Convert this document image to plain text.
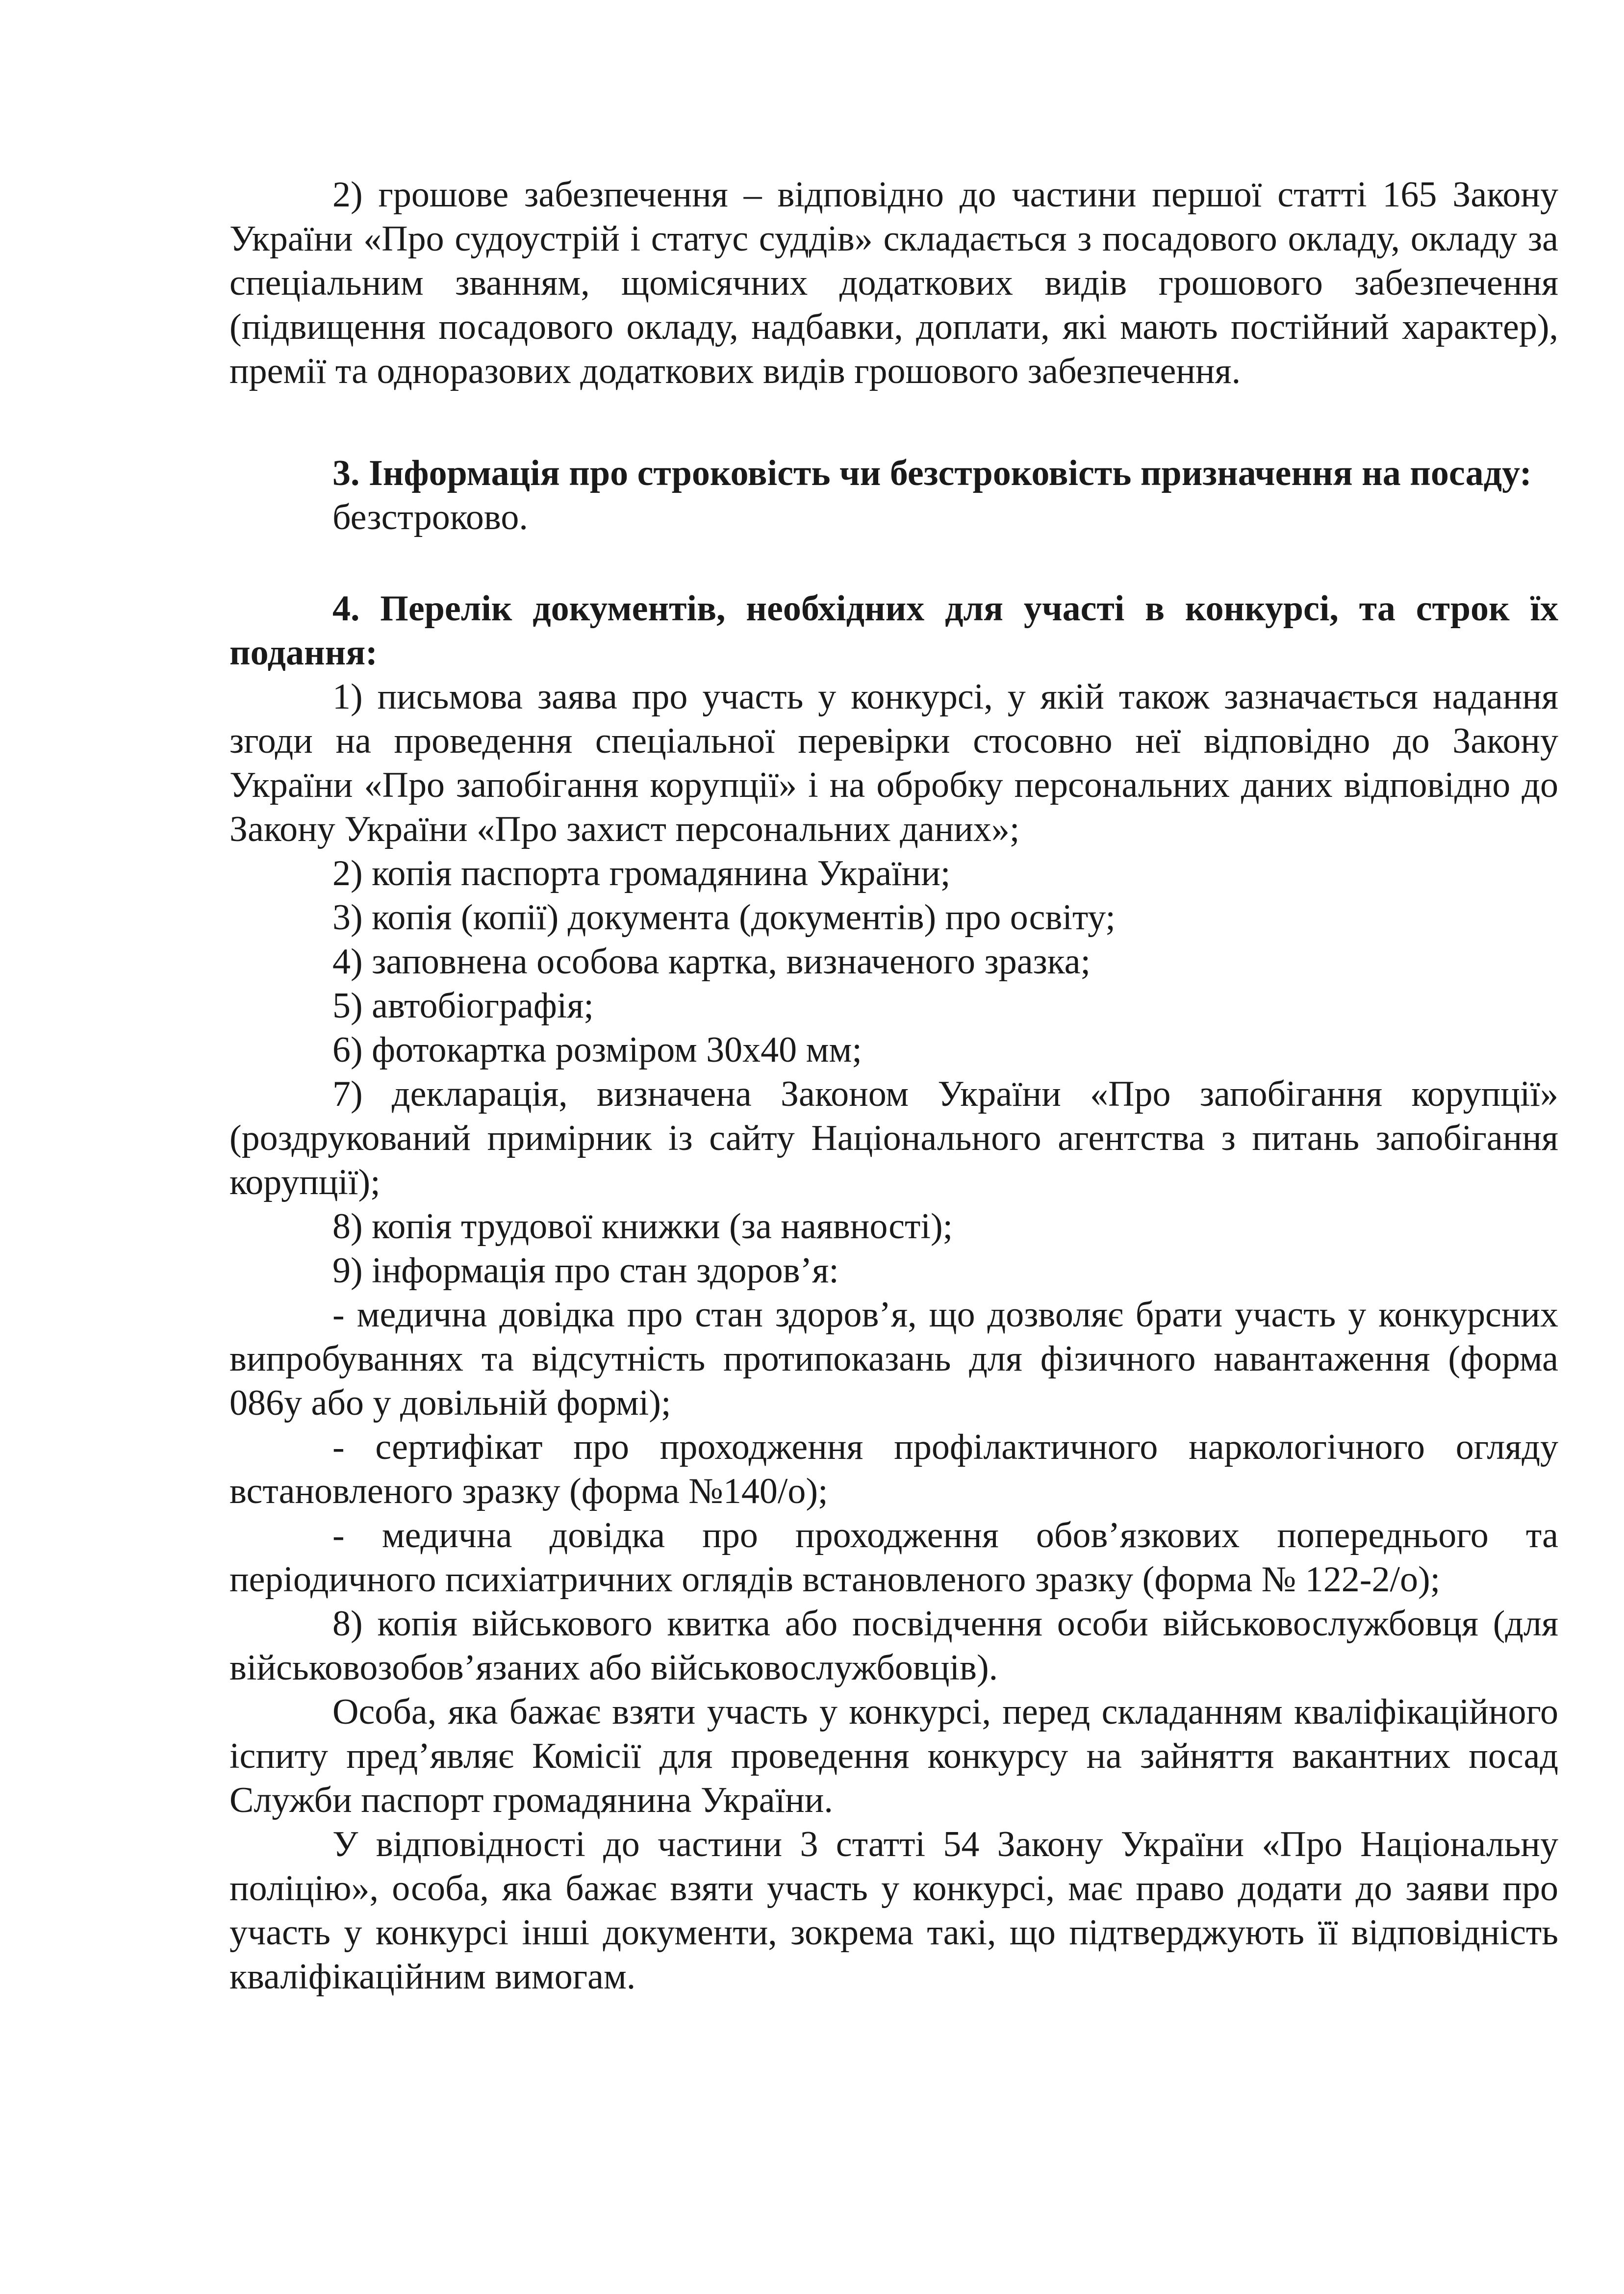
2) грошове забезпечення – відповідно до частини першої статті 165 Закону України «Про судоустрій і статус суддів» складається з посадового окладу, окладу за спеціальним званням, щомісячних додаткових видів грошового забезпечення (підвищення посадового окладу, надбавки, доплати, які мають постійний характер), премії та одноразових додаткових видів грошового забезпечення.

3. Інформація про строковість чи безстроковість призначення на посаду:

безстроково.

4. Перелік документів, необхідних для участі в конкурсі, та строк їх подання:

1) письмова заява про участь у конкурсі, у якій також зазначається надання згоди на проведення спеціальної перевірки стосовно неї відповідно до Закону України «Про запобігання корупції» і на обробку персональних даних відповідно до Закону України «Про захист персональних даних»;

2) копія паспорта громадянина України;

3) копія (копії) документа (документів) про освіту;

4) заповнена особова картка, визначеного зразка;

5) автобіографія;

6) фотокартка розміром 30х40 мм;

7) декларація, визначена Законом України «Про запобігання корупції» (роздрукований примірник із сайту Національного агентства з питань запобігання корупції);

8) копія трудової книжки (за наявності);

9) інформація про стан здоров’я:

- медична довідка про стан здоров’я, що дозволяє брати участь у конкурсних випробуваннях та відсутність протипоказань для фізичного навантаження (форма 086у або у довільній формі);

- сертифікат про проходження профілактичного наркологічного огляду встановленого зразку (форма №140/о);

- медична довідка про проходження обов’язкових попереднього та періодичного психіатричних оглядів встановленого зразку (форма № 122-2/о);

8) копія військового квитка або посвідчення особи військовослужбовця (для військовозобов’язаних або військовослужбовців).

Особа, яка бажає взяти участь у конкурсі, перед складанням кваліфікаційного іспиту пред’являє Комісії для проведення конкурсу на зайняття вакантних посад Служби паспорт громадянина України.

У відповідності до частини 3 статті 54 Закону України «Про Національну поліцію», особа, яка бажає взяти участь у конкурсі, має право додати до заяви про участь у конкурсі інші документи, зокрема такі, що підтверджують її відповідність кваліфікаційним вимогам.
